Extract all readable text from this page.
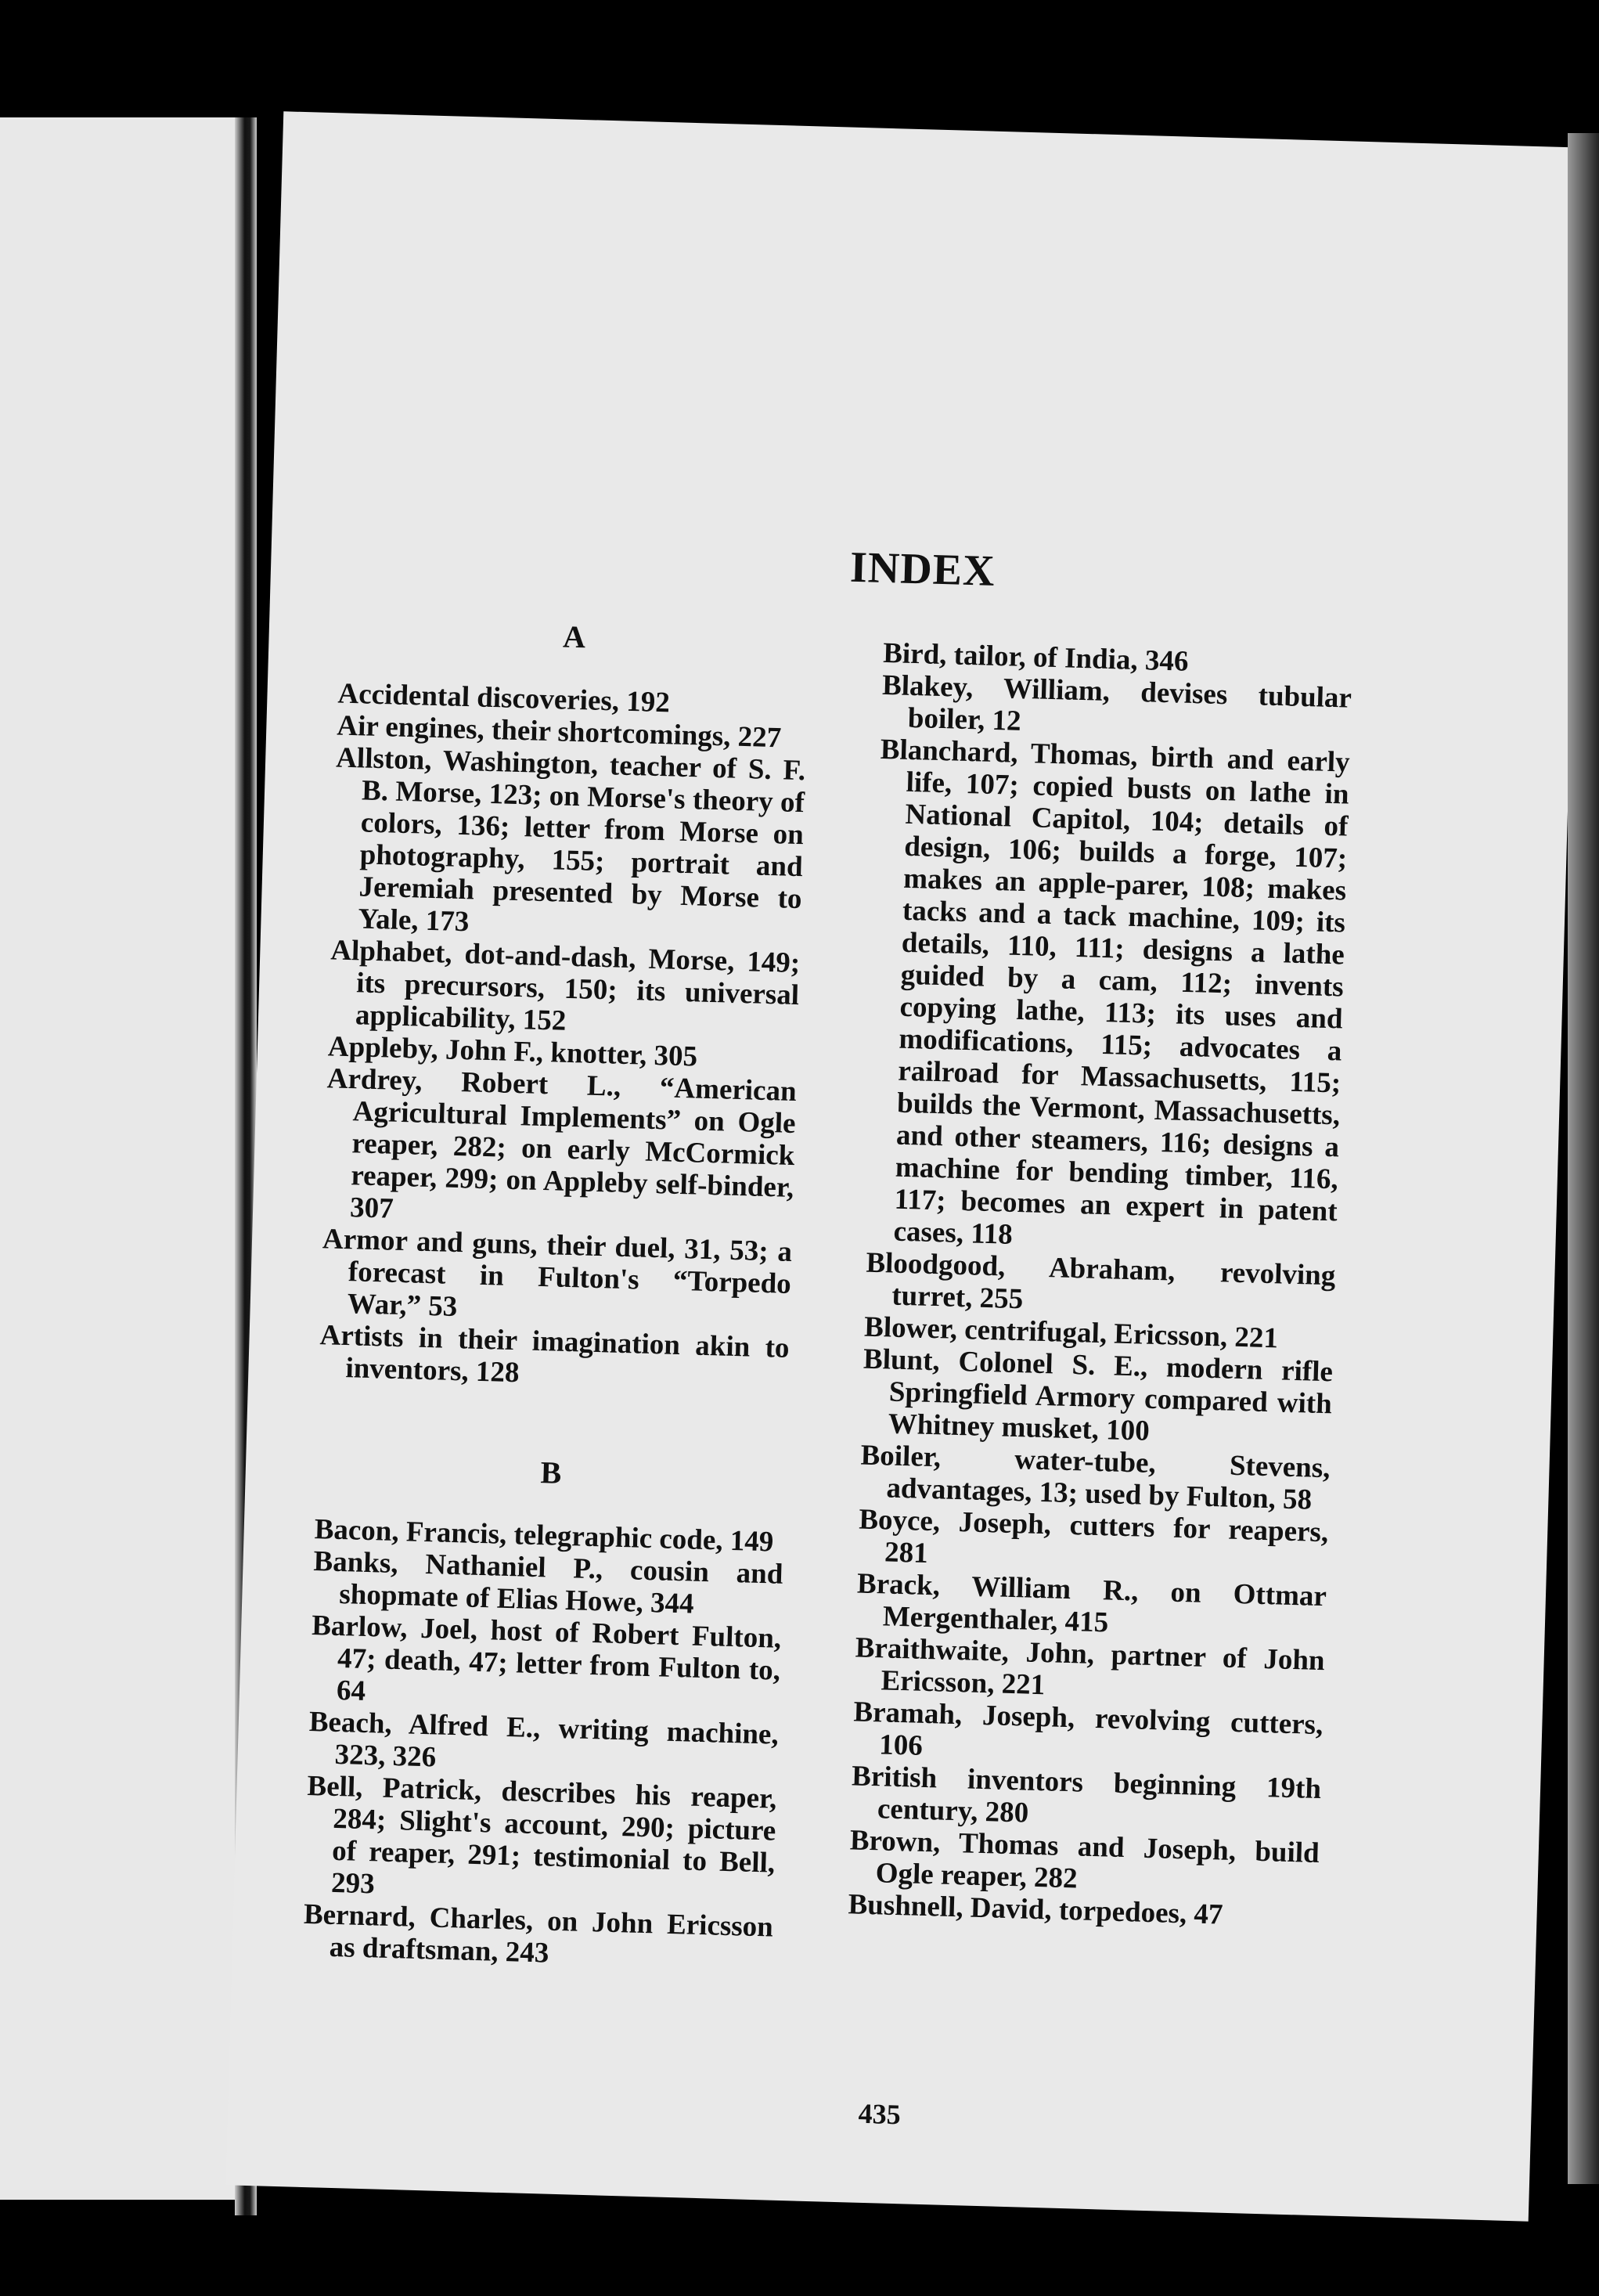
INDEX
A

Accidental discoveries, 192

Air engines, their shortcomings, 227

Allston, Washington, teacher of S. F. B. Morse, 123; on Morse's theory of colors, 136; letter from Morse on photography, 155; portrait and Jeremiah presented by Morse to Yale, 173

Alphabet, dot-and-dash, Morse, 149; its precursors, 150; its universal applicability, 152

Appleby, John F., knotter, 305

Ardrey, Robert L., “American Agricultural Implements” on Ogle reaper, 282; on early McCormick reaper, 299; on Appleby self-binder, 307

Armor and guns, their duel, 31, 53; a forecast in Fulton's “Torpedo War,” 53

Artists in their imagination akin to inventors, 128

B

Bacon, Francis, telegraphic code, 149

Banks, Nathaniel P., cousin and shopmate of Elias Howe, 344

Barlow, Joel, host of Robert Fulton, 47; death, 47; letter from Fulton to, 64

Beach, Alfred E., writing machine, 323, 326

Bell, Patrick, describes his reaper, 284; Slight's account, 290; picture of reaper, 291; testimonial to Bell, 293

Bernard, Charles, on John Ericsson as draftsman, 243

Bird, tailor, of India, 346

Blakey, William, devises tubular boiler, 12

Blanchard, Thomas, birth and early life, 107; copied busts on lathe in National Capitol, 104; details of design, 106; builds a forge, 107; makes an apple-parer, 108; makes tacks and a tack machine, 109; its details, 110, 111; designs a lathe guided by a cam, 112; invents copying lathe, 113; its uses and modifications, 115; advocates a railroad for Massachusetts, 115; builds the Vermont, Massachusetts, and other steamers, 116; designs a machine for bending timber, 116, 117; becomes an expert in patent cases, 118

Bloodgood, Abraham, revolving turret, 255

Blower, centrifugal, Ericsson, 221

Blunt, Colonel S. E., modern rifle Springfield Armory compared with Whitney musket, 100

Boiler, water-tube, Stevens, advantages, 13; used by Fulton, 58

Boyce, Joseph, cutters for reapers, 281

Brack, William R., on Ottmar Mergenthaler, 415

Braithwaite, John, partner of John Ericsson, 221

Bramah, Joseph, revolving cutters, 106

British inventors beginning 19th century, 280

Brown, Thomas and Joseph, build Ogle reaper, 282

Bushnell, David, torpedoes, 47

435
